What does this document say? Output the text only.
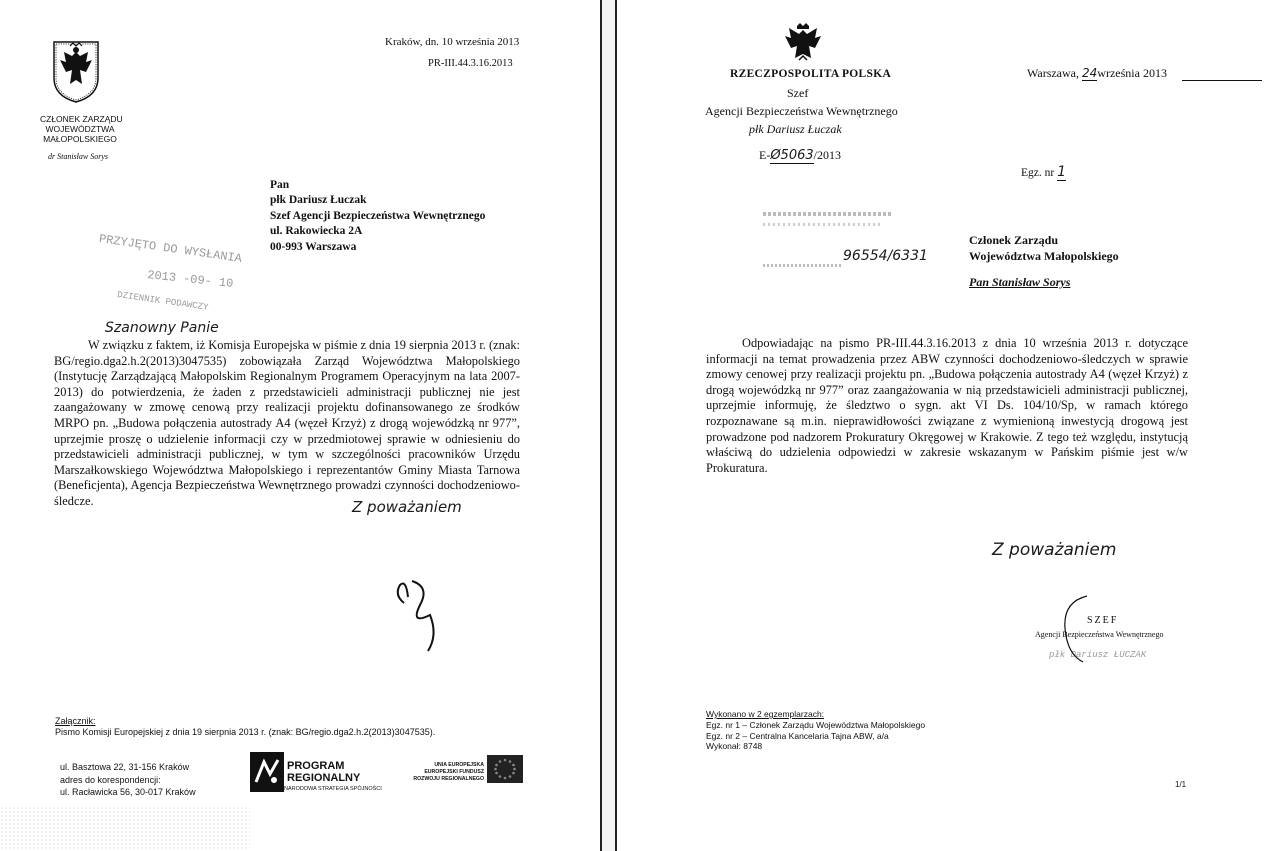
CZŁONEK ZARZĄDU
WOJEWÓDZTWA
MAŁOPOLSKIEGO
dr Stanisław Sorys
Kraków, dn. 10 września 2013
PR-III.44.3.16.2013
Pan
płk Dariusz Łuczak
Szef Agencji Bezpieczeństwa Wewnętrznego
ul. Rakowiecka 2A
00-993 Warszawa
PRZYJĘTO DO WYSŁANIA
2013 -09- 10
DZIENNIK PODAWCZY
Szanowny Panie
W związku z faktem, iż Komisja Europejska w piśmie z dnia 19 sierpnia 2013 r. (znak: BG/regio.dga2.h.2(2013)3047535) zobowiązała Zarząd Województwa Małopolskiego (Instytucję Zarządzającą Małopolskim Regionalnym Programem Operacyjnym na lata 2007-2013) do potwierdzenia, że żaden z przedstawicieli administracji publicznej nie jest zaangażowany w zmowę cenową przy realizacji projektu dofinansowanego ze środków MRPO pn. „Budowa połączenia autostrady A4 (węzeł Krzyż) z drogą wojewódzką nr 977”, uprzejmie proszę o udzielenie informacji czy w przedmiotowej sprawie w odniesieniu do przedstawicieli administracji publicznej, w tym w szczególności pracowników Urzędu Marszałkowskiego Województwa Małopolskiego i reprezentantów Gminy Miasta Tarnowa (Beneficjenta), Agencja Bezpieczeństwa Wewnętrznego prowadzi czynności dochodzeniowo-śledcze.	Z poważaniem
Załącznik:
Pismo Komisji Europejskiej z dnia 19 sierpnia 2013 r. (znak: BG/regio.dga2.h.2(2013)3047535).
ul. Basztowa 22, 31-156 Kraków
adres do korespondencji:
ul. Racławicka 56, 30-017 Kraków
PROGRAM
REGIONALNY
NARODOWA STRATEGIA SPÓJNOŚCI
UNIA EUROPEJSKA
EUROPEJSKI FUNDUSZ
ROZWOJU REGIONALNEGO
RZECZPOSPOLITA POLSKA
Szef
Agencji Bezpieczeństwa Wewnętrznego
płk Dariusz Łuczak
E-Ø5063/2013
Warszawa, 24września 2013
Egz. nr 1
96554/6331
Członek Zarządu
Województwa Małopolskiego
Pan Stanisław Sorys
Odpowiadając na pismo PR-III.44.3.16.2013 z dnia 10 września 2013 r. dotyczące informacji na temat prowadzenia przez ABW czynności dochodzeniowo-śledczych w sprawie zmowy cenowej przy realizacji projektu pn. „Budowa połączenia autostrady A4 (węzeł Krzyż) z drogą wojewódzką nr 977” oraz zaangażowania w nią przedstawicieli administracji publicznej, uprzejmie informuję, że śledztwo o sygn. akt VI Ds. 104/10/Sp, w ramach którego rozpoznawane są m.in. nieprawidłowości związane z wymienioną inwestycją drogową jest prowadzone pod nadzorem Prokuratury Okręgowej w Krakowie. Z tego też względu, instytucją właściwą do udzielenia odpowiedzi w zakresie wskazanym w Pańskim piśmie jest w/w Prokuratura.
Z poważaniem
SZEF
Agencji Bezpieczeństwa Wewnętrznego
płk Dariusz ŁUCZAK
Wykonano w 2 egzemplarzach:
Egz. nr 1 – Członek Zarządu Województwa Małopolskiego
Egz. nr 2 – Centralna Kancelaria Tajna ABW, a/a
Wykonał: 8748
1/1
